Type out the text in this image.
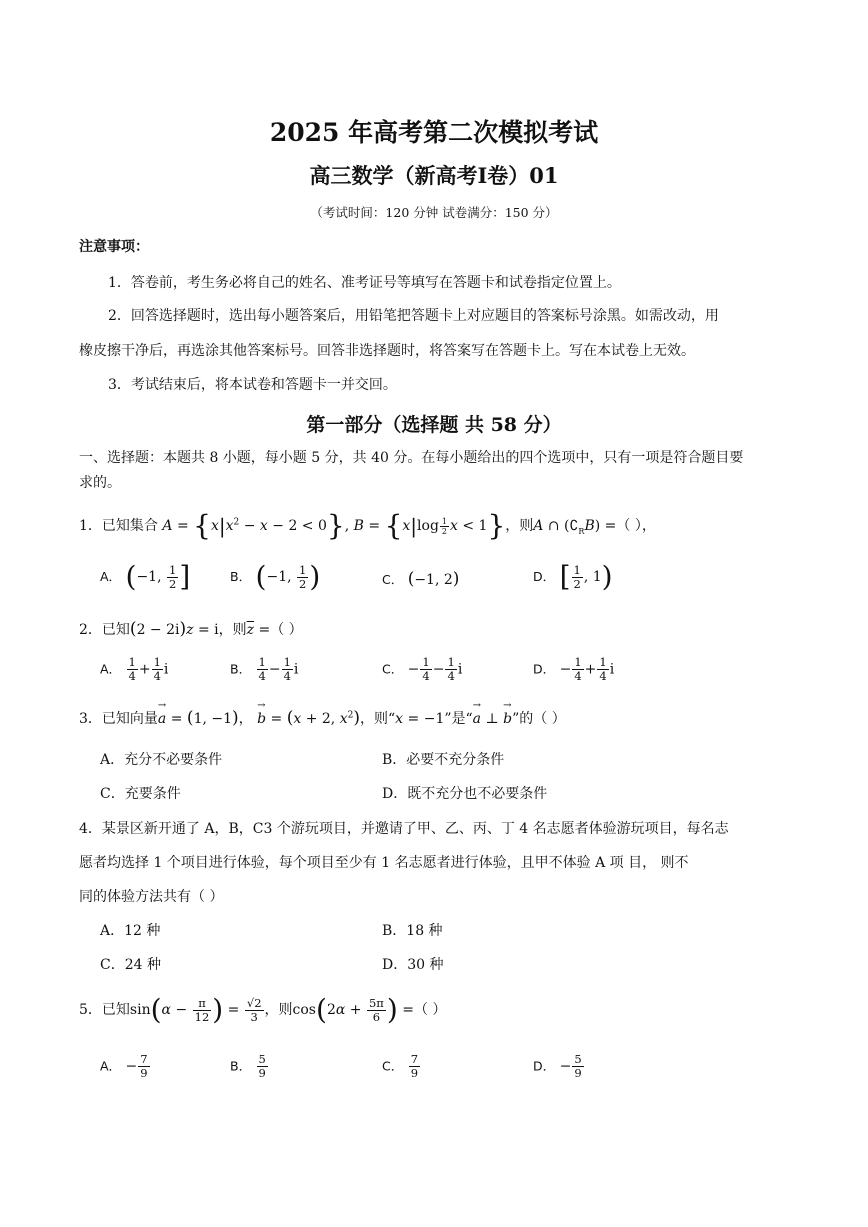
2025 年高考第二次模拟考试
高三数学（新高考I卷）01
（考试时间：120 分钟 试卷满分：150 分）
注意事项：
1．答卷前，考生务必将自己的姓名、准考证号等填写在答题卡和试卷指定位置上。
2．回答选择题时，选出每小题答案后，用铅笔把答题卡上对应题目的答案标号涂黑。如需改动，用
橡皮擦干净后，再选涂其他答案标号。回答非选择题时，将答案写在答题卡上。写在本试卷上无效。
3．考试结束后，将本试卷和答题卡一并交回。
第一部分（选择题 共 58 分）
一、选择题：本题共 8 小题，每小题 5 分，共 40 分。在每小题给出的四个选项中，只有一项是符合题目要
求的。
1．已知集合 $A = \{x|x^2 - x - 2 < 0\}$, $B = \{x|\log \frac{1}{2}$ x < 1}，则A ∩ $(∁_RB)$ =（ ），
A． (−1, $\frac{1}{2}$ ]	B． (−1, $\frac{1}{2}$ )	C． (−1, 2)	D． [ $\frac{1}{2}$ , 1)
2．已知(2 − 2i)z = i，则$\overline{z}$ =（ ）
A． $\frac{1}{4} + \frac{1}{4}$ i	B． $\frac{1}{4} - \frac{1}{4}$ i	C． − $\frac{1}{4} - \frac{1}{4}$ i	D． − $\frac{1}{4} + \frac{1}{4}$ i
3．已知向量→ a = (1, −1)， → b = (x + 2, $x^2$)，则“x = −1”是“→ a ⊥ → b”的（ ）
A．充分不必要条件	B．必要不充分条件
C．充要条件	D．既不充分也不必要条件
4．某景区新开通了 A，B，C3 个游玩项目，并邀请了甲、乙、丙、丁 4 名志愿者体验游玩项目，每名志
愿者均选择 1 个项目进行体验，每个项目至少有 1 名志愿者进行体验，且甲不体验 A 项 目， 则不
同的体验方法共有（ ）
A．12 种	B．18 种
C．24 种	D．30 种
5．已知$\sin(\alpha - \frac{\pi}{12}$ ) = $\frac{√2}{3}$ ，则$\cos(2\alpha + \frac{5\pi}{6}$ ) =（ ）
A． − $\frac{7}{9}$	B． $\frac{5}{9}$	C． $\frac{7}{9}$	D． − $\frac{5}{9}$
